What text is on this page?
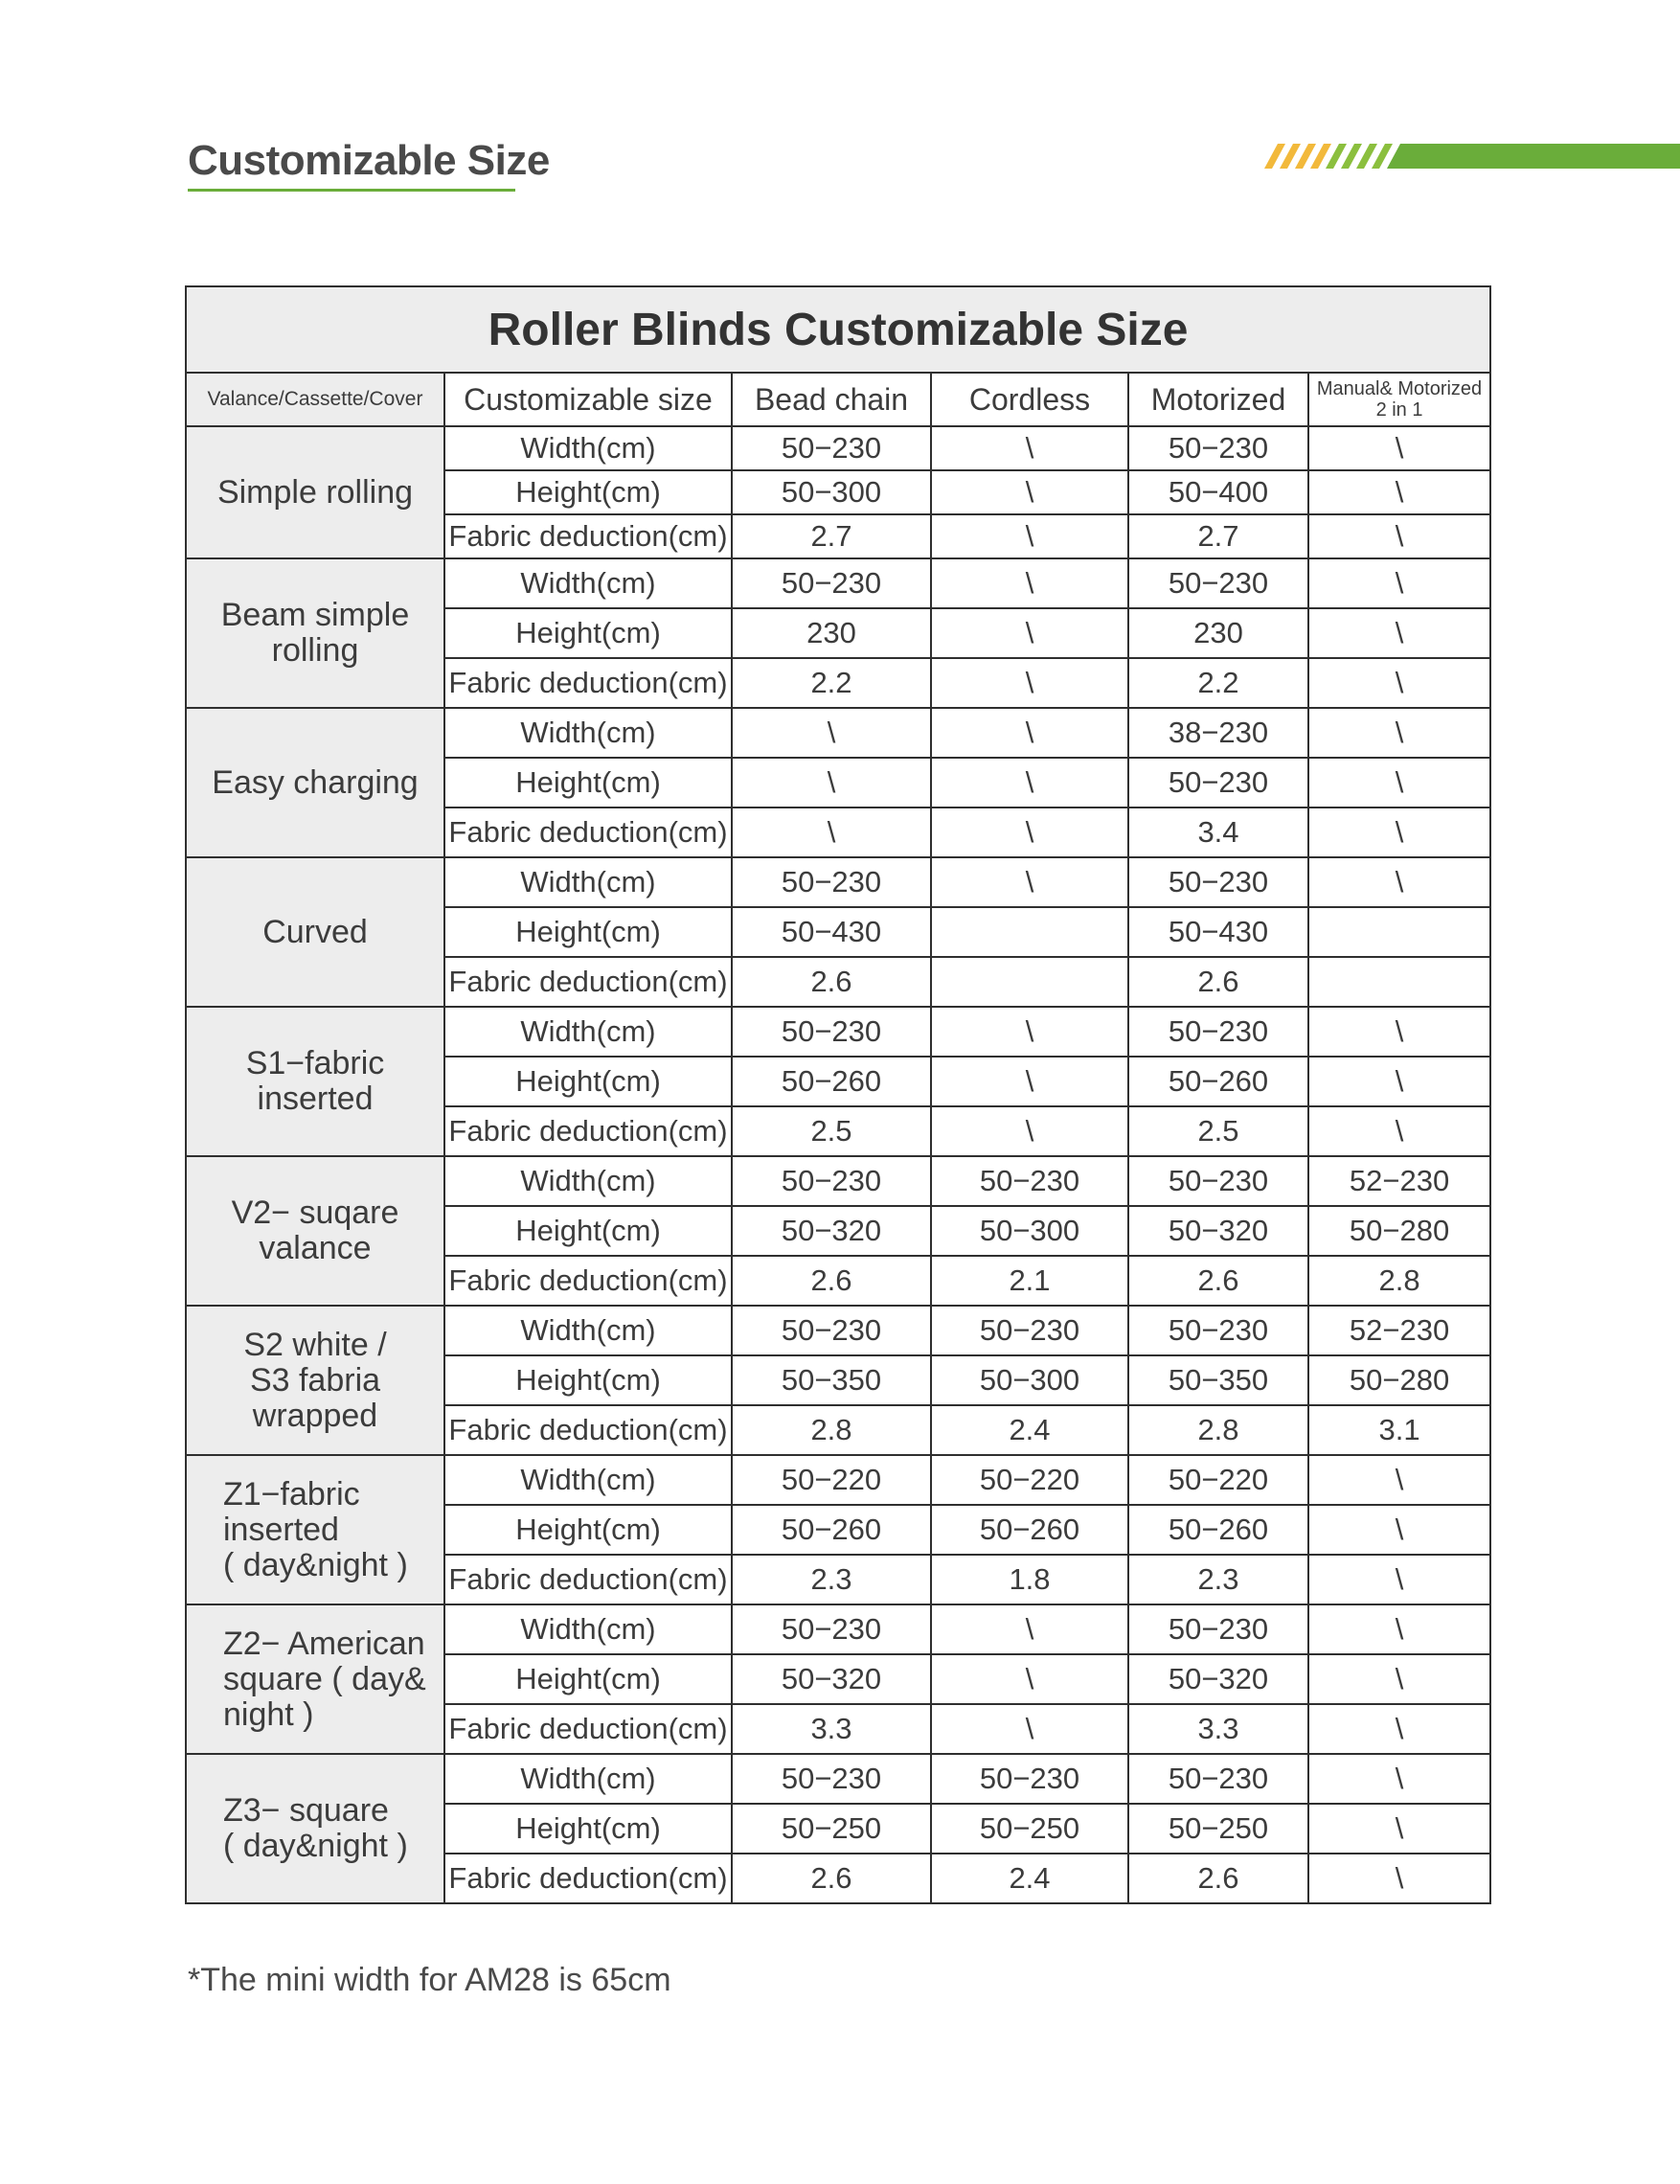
Customizable Size
Roller Blinds Customizable Size					
Valance/Cassette/Cover	Customizable size	Bead chain	Cordless	Motorized	Manual& Motorized
2 in 1

Simple rolling	Width(cm)	50−230	\	50−230	\
	Height(cm)	50−300	\	50−400	\
	Fabric deduction(cm)	2.7	\	2.7	\

Beam simple
rolling	Width(cm)	50−230	\	50−230	\
	Height(cm)	230	\	230	\
	Fabric deduction(cm)	2.2	\	2.2	\

Easy charging	Width(cm)	\	\	38−230	\
	Height(cm)	\	\	50−230	\
	Fabric deduction(cm)	\	\	3.4	\

Curved	Width(cm)	50−230	\	50−230	\
	Height(cm)	50−430		50−430	
	Fabric deduction(cm)	2.6		2.6	

S1−fabric
inserted	Width(cm)	50−230	\	50−230	\
	Height(cm)	50−260	\	50−260	\
	Fabric deduction(cm)	2.5	\	2.5	\

V2− suqare
valance	Width(cm)	50−230	50−230	50−230	52−230
	Height(cm)	50−320	50−300	50−320	50−280
	Fabric deduction(cm)	2.6	2.1	2.6	2.8

S2 white /
S3 fabria
wrapped	Width(cm)	50−230	50−230	50−230	52−230
	Height(cm)	50−350	50−300	50−350	50−280
	Fabric deduction(cm)	2.8	2.4	2.8	3.1

Z1−fabric
inserted
( day&night )	Width(cm)	50−220	50−220	50−220	\
	Height(cm)	50−260	50−260	50−260	\
	Fabric deduction(cm)	2.3	1.8	2.3	\

Z2− American
square ( day&
night )	Width(cm)	50−230	\	50−230	\
	Height(cm)	50−320	\	50−320	\
	Fabric deduction(cm)	3.3	\	3.3	\

Z3− square
( day&night )	Width(cm)	50−230	50−230	50−230	\
	Height(cm)	50−250	50−250	50−250	\
	Fabric deduction(cm)	2.6	2.4	2.6	\

*The mini width for AM28 is 65cm
